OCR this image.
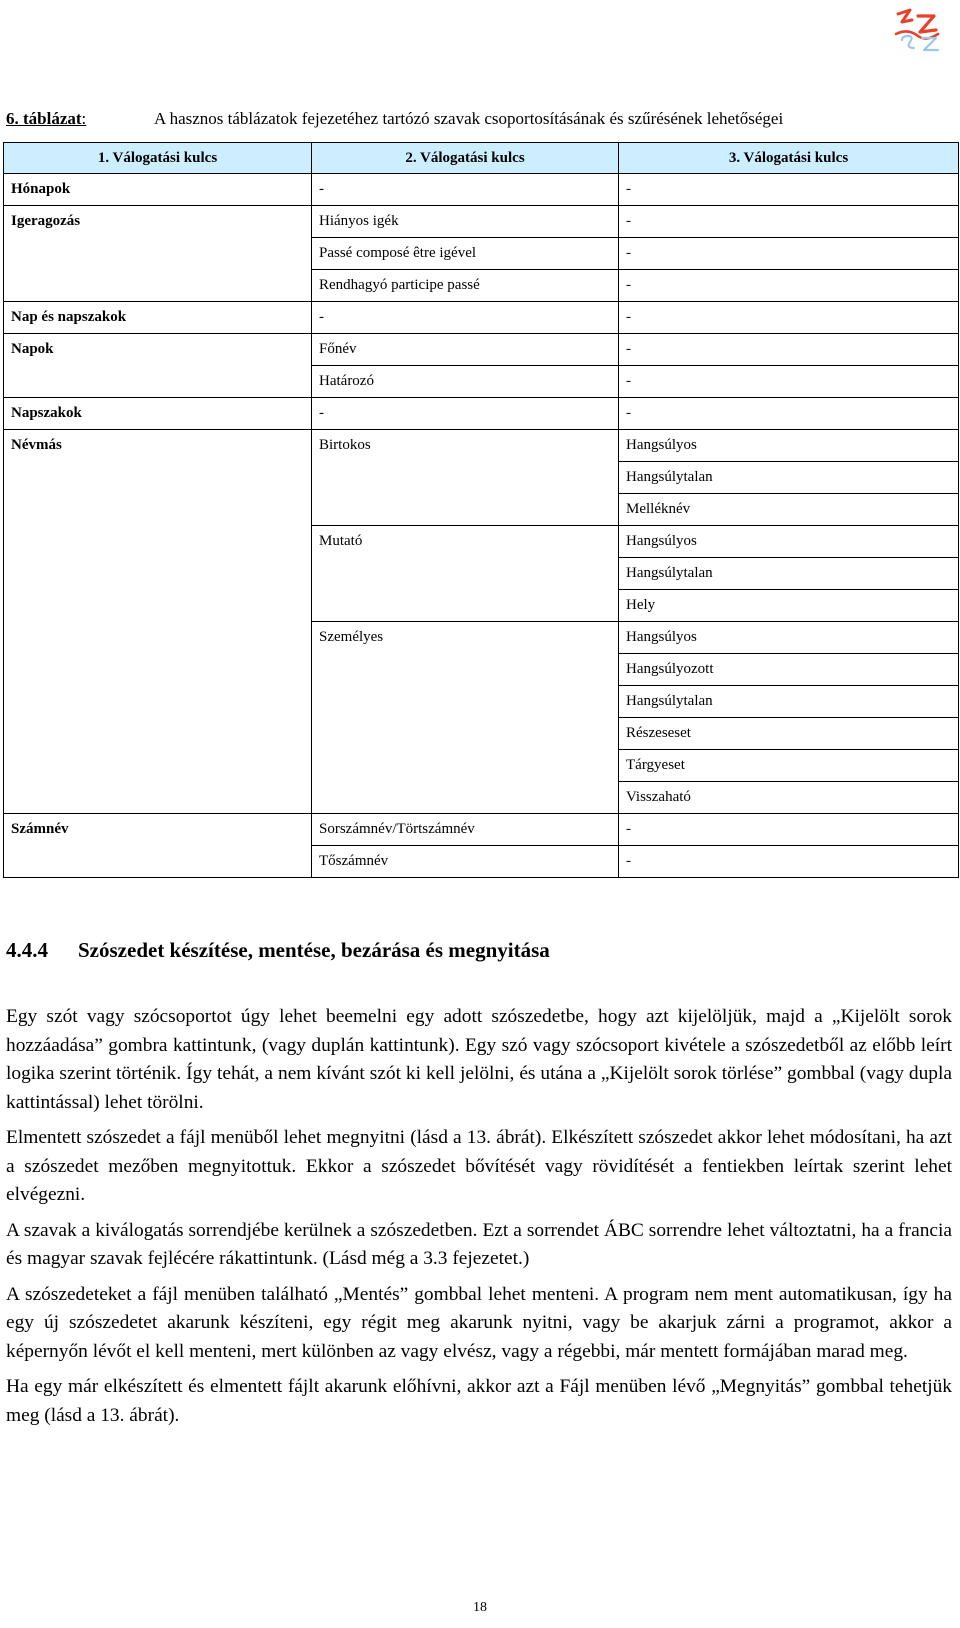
6. táblázat:	A hasznos táblázatok fejezetéhez tartózó szavak csoportosításának és szűrésének lehetőségei
1. Válogatási kulcs	2. Válogatási kulcs	3. Válogatási kulcs
Hónapok	-	-
Igeragozás	Hiányos igék	-
	Passé composé être igével	-
	Rendhagyó participe passé	-
Nap és napszakok	-	-
Napok	Főnév	-
	Határozó	-
Napszakok	-	-
Névmás	Birtokos	Hangsúlyos
		Hangsúlytalan
		Melléknév
	Mutató	Hangsúlyos
		Hangsúlytalan
		Hely
	Személyes	Hangsúlyos
		Hangsúlyozott
		Hangsúlytalan
		Részeseset
		Tárgyeset
		Visszaható
Számnév	Sorszámnév/Törtszámnév	-
	Tőszámnév	-
4.4.4 Szószedet készítése, mentése, bezárása és megnyitása

Egy szót vagy szócsoportot úgy lehet beemelni egy adott szószedetbe, hogy azt kijelöljük, majd a „Kijelölt sorok hozzáadása” gombra kattintunk, (vagy duplán kattintunk). Egy szó vagy szócsoport kivétele a szószedetből az előbb leírt logika szerint történik. Így tehát, a nem kívánt szót ki kell jelölni, és utána a „Kijelölt sorok törlése” gombbal (vagy dupla kattintással) lehet törölni.

Elmentett szószedet a fájl menüből lehet megnyitni (lásd a 13. ábrát). Elkészített szószedet akkor lehet módosítani, ha azt a szószedet mezőben megnyitottuk. Ekkor a szószedet bővítését vagy rövidítését a fentiekben leírtak szerint lehet elvégezni.

A szavak a kiválogatás sorrendjébe kerülnek a szószedetben. Ezt a sorrendet ÁBC sorrendre lehet változtatni, ha a francia és magyar szavak fejlécére rákattintunk. (Lásd még a 3.3 fejezetet.)

A szószedeteket a fájl menüben található „Mentés” gombbal lehet menteni. A program nem ment automatikusan, így ha egy új szószedetet akarunk készíteni, egy régit meg akarunk nyitni, vagy be akarjuk zárni a programot, akkor a képernyőn lévőt el kell menteni, mert különben az vagy elvész, vagy a régebbi, már mentett formájában marad meg.

Ha egy már elkészített és elmentett fájlt akarunk előhívni, akkor azt a Fájl menüben lévő „Megnyitás” gombbal tehetjük meg (lásd a 13. ábrát).

18
